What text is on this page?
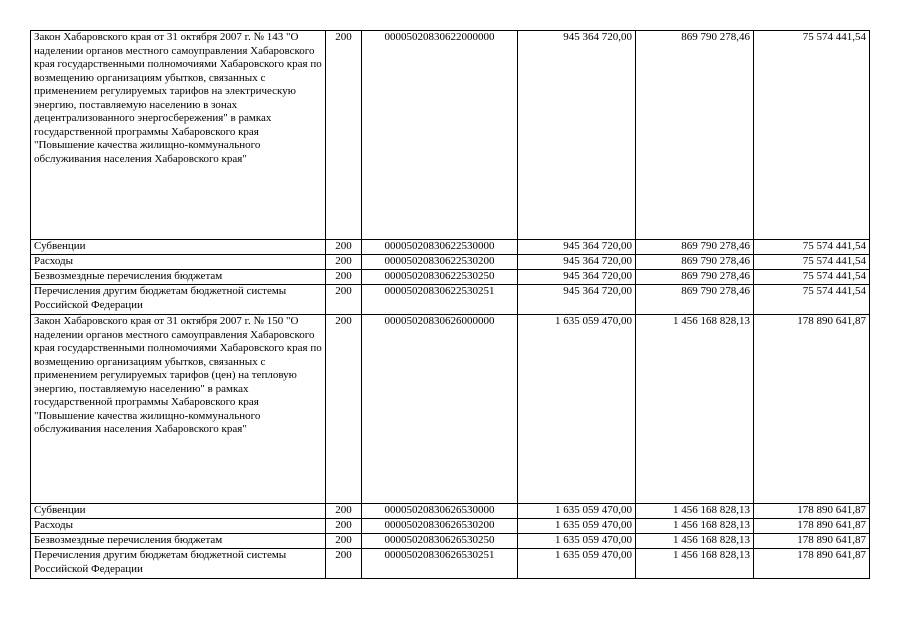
Закон Хабаровского края от 31 октября 2007 г. № 143 "О наделении органов местного самоуправления Хабаровского края государственными полномочиями Хабаровского края по возмещению организациям убытков, связанных с применением регулируемых тарифов на электрическую энергию, поставляемую населению в зонах децентрализованного энергосбережения" в рамках государственной программы Хабаровского края "Повышение качества жилищно-коммунального обслуживания населения Хабаровского края"	200	00005020830622000000	945 364 720,00	869 790 278,46	75 574 441,54
Субвенции	200	00005020830622530000	945 364 720,00	869 790 278,46	75 574 441,54
Расходы	200	00005020830622530200	945 364 720,00	869 790 278,46	75 574 441,54
Безвозмездные перечисления бюджетам	200	00005020830622530250	945 364 720,00	869 790 278,46	75 574 441,54
Перечисления другим бюджетам бюджетной системы Российской Федерации	200	00005020830622530251	945 364 720,00	869 790 278,46	75 574 441,54
Закон Хабаровского края от 31 октября 2007 г. № 150 "О наделении органов местного самоуправления Хабаровского края государственными полномочиями Хабаровского края по возмещению организациям убытков, связанных с применением регулируемых тарифов (цен) на тепловую энергию, поставляемую населению" в рамках государственной программы Хабаровского края "Повышение качества жилищно-коммунального обслуживания населения Хабаровского края"	200	00005020830626000000	1 635 059 470,00	1 456 168 828,13	178 890 641,87
Субвенции	200	00005020830626530000	1 635 059 470,00	1 456 168 828,13	178 890 641,87
Расходы	200	00005020830626530200	1 635 059 470,00	1 456 168 828,13	178 890 641,87
Безвозмездные перечисления бюджетам	200	00005020830626530250	1 635 059 470,00	1 456 168 828,13	178 890 641,87
Перечисления другим бюджетам бюджетной системы Российской Федерации	200	00005020830626530251	1 635 059 470,00	1 456 168 828,13	178 890 641,87
